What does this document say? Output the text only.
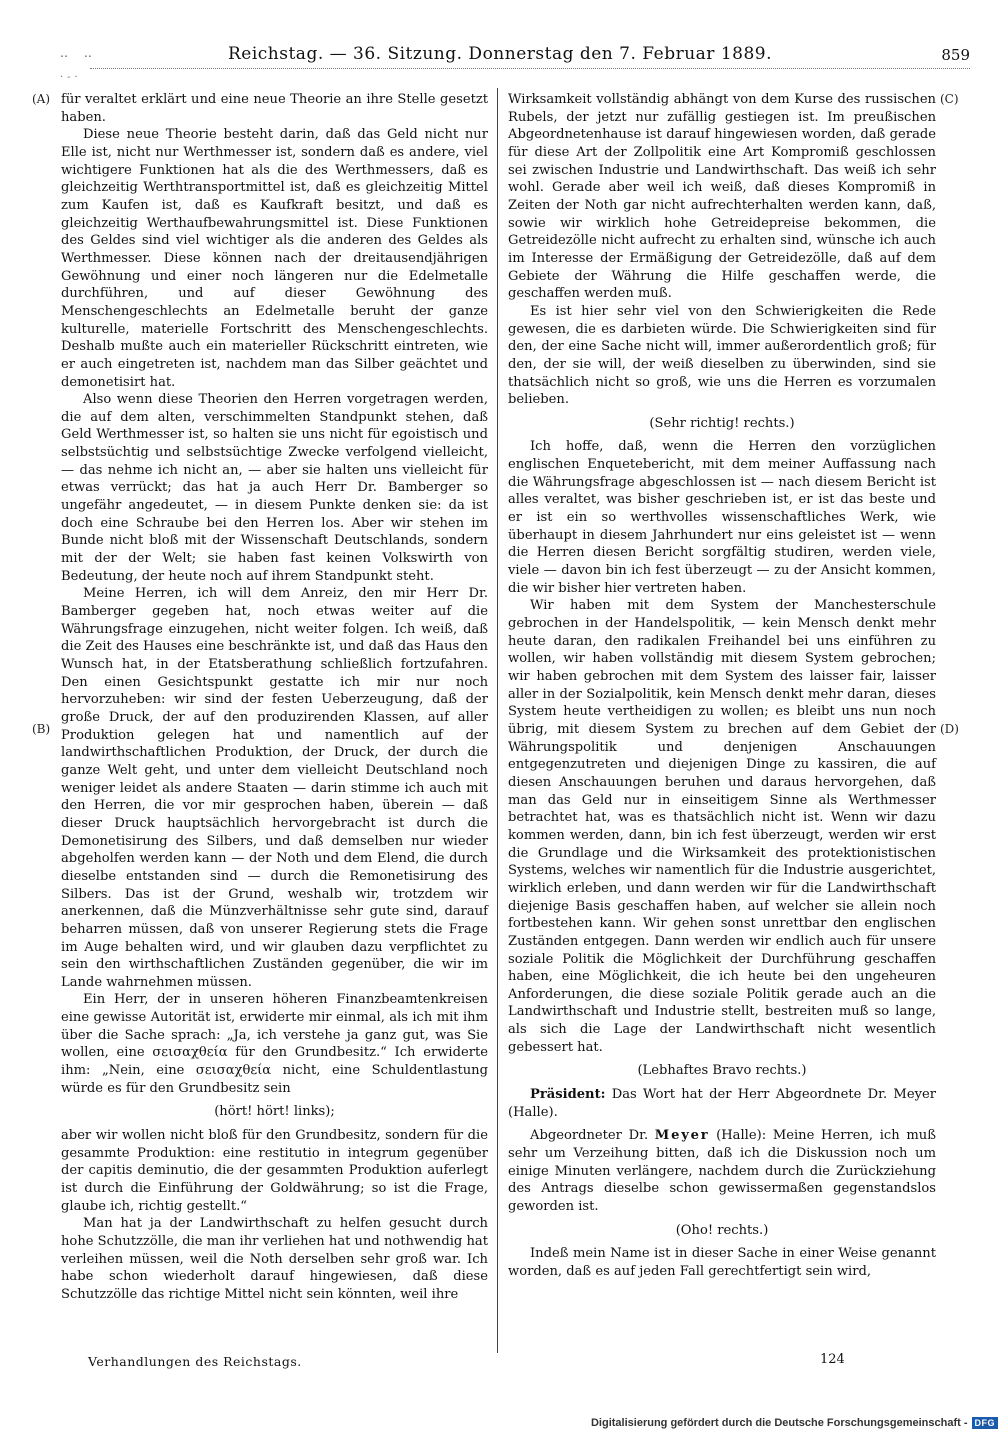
‥ ‥	Reichstag. — 36. Sitzung. Donnerstag den 7. Februar 1889.	859
·-·
(A)
(B)
(C)
(D)

für veraltet erklärt und eine neue Theorie an ihre Stelle gesetzt haben.

Diese neue Theorie besteht darin, daß das Geld nicht nur Elle ist, nicht nur Werthmesser ist, sondern daß es andere, viel wichtigere Funktionen hat als die des Werthmessers, daß es gleichzeitig Werthtransportmittel ist, daß es gleichzeitig Mittel zum Kaufen ist, daß es Kaufkraft besitzt, und daß es gleichzeitig Werthaufbewahrungsmittel ist. Diese Funktionen des Geldes sind viel wichtiger als die anderen des Geldes als Werthmesser. Diese können nach der dreitausendjährigen Gewöhnung und einer noch längeren nur die Edelmetalle durchführen, und auf dieser Gewöhnung des Menschengeschlechts an Edelmetalle beruht der ganze kulturelle, materielle Fortschritt des Menschengeschlechts. Deshalb mußte auch ein materieller Rückschritt eintreten, wie er auch eingetreten ist, nachdem man das Silber geächtet und demonetisirt hat.

Also wenn diese Theorien den Herren vorgetragen werden, die auf dem alten, verschimmelten Standpunkt stehen, daß Geld Werthmesser ist, so halten sie uns nicht für egoistisch und selbstsüchtig und selbstsüchtige Zwecke verfolgend vielleicht, — das nehme ich nicht an, — aber sie halten uns vielleicht für etwas verrückt; das hat ja auch Herr Dr. Bamberger so ungefähr angedeutet, — in diesem Punkte denken sie: da ist doch eine Schraube bei den Herren los. Aber wir stehen im Bunde nicht bloß mit der Wissenschaft Deutschlands, sondern mit der der Welt; sie haben fast keinen Volkswirth von Bedeutung, der heute noch auf ihrem Standpunkt steht.

Meine Herren, ich will dem Anreiz, den mir Herr Dr. Bamberger gegeben hat, noch etwas weiter auf die Währungsfrage einzugehen, nicht weiter folgen. Ich weiß, daß die Zeit des Hauses eine beschränkte ist, und daß das Haus den Wunsch hat, in der Etatsberathung schließlich fortzufahren. Den einen Gesichtspunkt gestatte ich mir nur noch hervorzuheben: wir sind der festen Ueberzeugung, daß der große Druck, der auf den produzirenden Klassen, auf aller Produktion gelegen hat und namentlich auf der landwirthschaftlichen Produktion, der Druck, der durch die ganze Welt geht, und unter dem vielleicht Deutschland noch weniger leidet als andere Staaten — darin stimme ich auch mit den Herren, die vor mir gesprochen haben, überein — daß dieser Druck hauptsächlich hervorgebracht ist durch die Demonetisirung des Silbers, und daß demselben nur wieder abgeholfen werden kann — der Noth und dem Elend, die durch dieselbe entstanden sind — durch die Remonetisirung des Silbers. Das ist der Grund, weshalb wir, trotzdem wir anerkennen, daß die Münzverhältnisse sehr gute sind, darauf beharren müssen, daß von unserer Regierung stets die Frage im Auge behalten wird, und wir glauben dazu verpflichtet zu sein den wirthschaftlichen Zuständen gegenüber, die wir im Lande wahrnehmen müssen.

Ein Herr, der in unseren höheren Finanzbeamtenkreisen eine gewisse Autorität ist, erwiderte mir einmal, als ich mit ihm über die Sache sprach: „Ja, ich verstehe ja ganz gut, was Sie wollen, eine σεισαχθεία für den Grundbesitz.“ Ich erwiderte ihm: „Nein, eine σεισαχθεία nicht, eine Schuldentlastung würde es für den Grundbesitz sein

(hört! hört! links);

aber wir wollen nicht bloß für den Grundbesitz, sondern für die gesammte Produktion: eine restitutio in integrum gegenüber der capitis deminutio, die der gesammten Produktion auferlegt ist durch die Einführung der Goldwährung; so ist die Frage, glaube ich, richtig gestellt.“

Man hat ja der Landwirthschaft zu helfen gesucht durch hohe Schutzzölle, die man ihr verliehen hat und nothwendig hat verleihen müssen, weil die Noth derselben sehr groß war. Ich habe schon wiederholt darauf hingewiesen, daß diese Schutzzölle das richtige Mittel nicht sein könnten, weil ihre

Wirksamkeit vollständig abhängt von dem Kurse des russischen Rubels, der jetzt nur zufällig gestiegen ist. Im preußischen Abgeordnetenhause ist darauf hingewiesen worden, daß gerade für diese Art der Zollpolitik eine Art Kompromiß geschlossen sei zwischen Industrie und Landwirthschaft. Das weiß ich sehr wohl. Gerade aber weil ich weiß, daß dieses Kompromiß in Zeiten der Noth gar nicht aufrechterhalten werden kann, daß, sowie wir wirklich hohe Getreidepreise bekommen, die Getreidezölle nicht aufrecht zu erhalten sind, wünsche ich auch im Interesse der Ermäßigung der Getreidezölle, daß auf dem Gebiete der Währung die Hilfe geschaffen werde, die geschaffen werden muß.

Es ist hier sehr viel von den Schwierigkeiten die Rede gewesen, die es darbieten würde. Die Schwierigkeiten sind für den, der eine Sache nicht will, immer außerordentlich groß; für den, der sie will, der weiß dieselben zu überwinden, sind sie thatsächlich nicht so groß, wie uns die Herren es vorzumalen belieben.

(Sehr richtig! rechts.)

Ich hoffe, daß, wenn die Herren den vorzüglichen englischen Enquetebericht, mit dem meiner Auffassung nach die Währungsfrage abgeschlossen ist — nach diesem Bericht ist alles veraltet, was bisher geschrieben ist, er ist das beste und er ist ein so werthvolles wissenschaftliches Werk, wie überhaupt in diesem Jahrhundert nur eins geleistet ist — wenn die Herren diesen Bericht sorgfältig studiren, werden viele, viele — davon bin ich fest überzeugt — zu der Ansicht kommen, die wir bisher hier vertreten haben.

Wir haben mit dem System der Manchesterschule gebrochen in der Handelspolitik, — kein Mensch denkt mehr heute daran, den radikalen Freihandel bei uns einführen zu wollen, wir haben vollständig mit diesem System gebrochen; wir haben gebrochen mit dem System des laisser fair, laisser aller in der Sozialpolitik, kein Mensch denkt mehr daran, dieses System heute vertheidigen zu wollen; es bleibt uns nun noch übrig, mit diesem System zu brechen auf dem Gebiet der Währungspolitik und denjenigen Anschauungen entgegenzutreten und diejenigen Dinge zu kassiren, die auf diesen Anschauungen beruhen und daraus hervorgehen, daß man das Geld nur in einseitigem Sinne als Werthmesser betrachtet hat, was es thatsächlich nicht ist. Wenn wir dazu kommen werden, dann, bin ich fest überzeugt, werden wir erst die Grundlage und die Wirksamkeit des protektionistischen Systems, welches wir namentlich für die Industrie ausgerichtet, wirklich erleben, und dann werden wir für die Landwirthschaft diejenige Basis geschaffen haben, auf welcher sie allein noch fortbestehen kann. Wir gehen sonst unrettbar den englischen Zuständen entgegen. Dann werden wir endlich auch für unsere soziale Politik die Möglichkeit der Durchführung geschaffen haben, eine Möglichkeit, die ich heute bei den ungeheuren Anforderungen, die diese soziale Politik gerade auch an die Landwirthschaft und Industrie stellt, bestreiten muß so lange, als sich die Lage der Landwirthschaft nicht wesentlich gebessert hat.

(Lebhaftes Bravo rechts.)

Präsident: Das Wort hat der Herr Abgeordnete Dr. Meyer (Halle).

Abgeordneter Dr. Meyer (Halle): Meine Herren, ich muß sehr um Verzeihung bitten, daß ich die Diskussion noch um einige Minuten verlängere, nachdem durch die Zurückziehung des Antrags dieselbe schon gewissermaßen gegenstandslos geworden ist.

(Oho! rechts.)

Indeß mein Name ist in dieser Sache in einer Weise genannt worden, daß es auf jeden Fall gerechtfertigt sein wird,

Verhandlungen des Reichstags.	124
Digitalisierung gefördert durch die Deutsche Forschungsgemeinschaft - DFG
